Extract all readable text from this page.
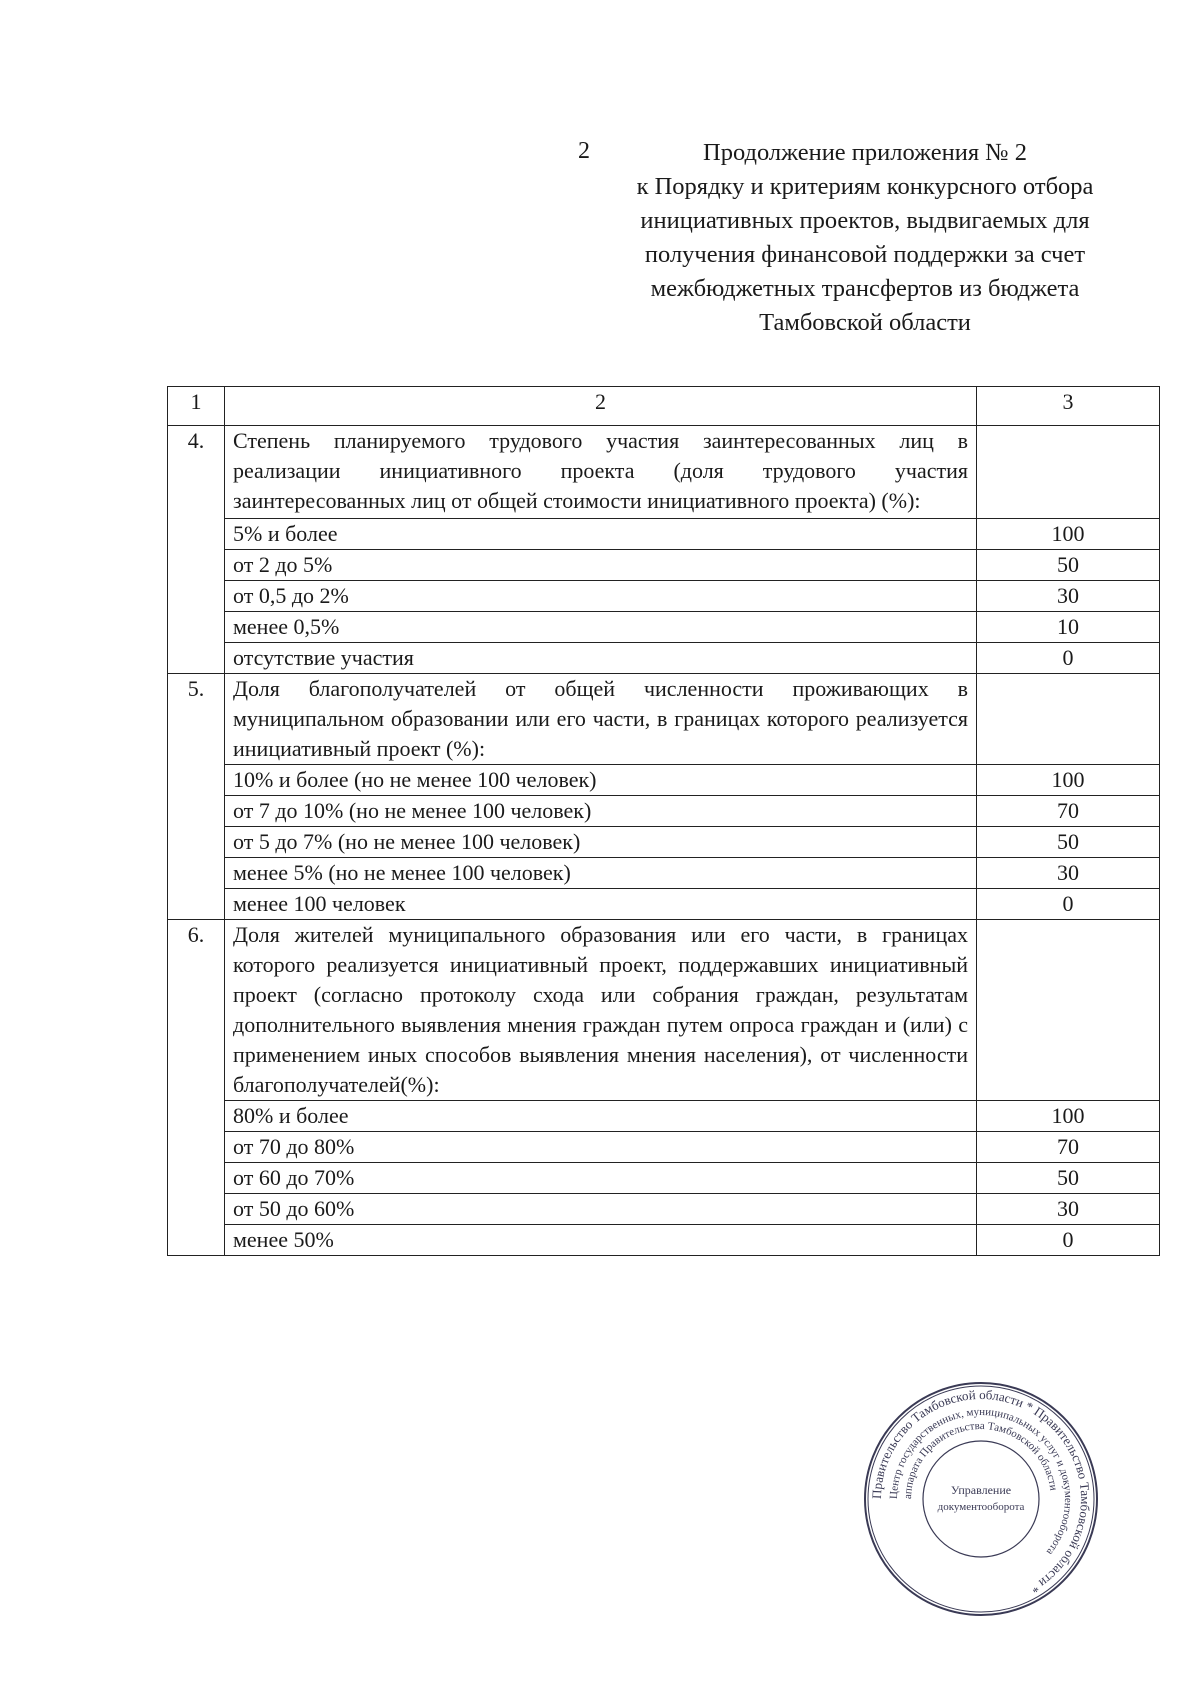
2	Продолжение приложения № 2
к Порядку и критериям конкурсного отбора
инициативных проектов, выдвигаемых для
получения финансовой поддержки за счет
межбюджетных трансфертов из бюджета
Тамбовской области
1	2	3
4.	Степень планируемого трудового участия заинтересованных лиц в реализации инициативного проекта (доля трудового участия заинтересованных лиц от общей стоимости инициативного проекта) (%):	
	5% и более	100
	от 2 до 5%	50
	от 0,5 до 2%	30
	менее 0,5%	10
	отсутствие участия	0
5.	Доля благополучателей от общей численности проживающих в муниципальном образовании или его части, в границах которого реализуется инициативный проект (%):	
	10% и более (но не менее 100 человек)	100
	от 7 до 10% (но не менее 100 человек)	70
	от 5 до 7% (но не менее 100 человек)	50
	менее 5% (но не менее 100 человек)	30
	менее 100 человек	0
6.	Доля жителей муниципального образования или его части, в границах которого реализуется инициативный проект, поддержавших инициативный проект (согласно протоколу схода или собрания граждан, результатам дополнительного выявления мнения граждан путем опроса граждан и (или) с применением иных способов выявления мнения населения), от численности благополучателей(%):	
	80% и более	100
	от 70 до 80%	70
	от 60 до 70%	50
	от 50 до 60%	30
	менее 50%	0
Правительство Тамбовской области * Правительство Тамбовской области *
Центр государственных, муниципальных услуг и документооборота
аппарата Правительства Тамбовской области
Управление
документооборота
